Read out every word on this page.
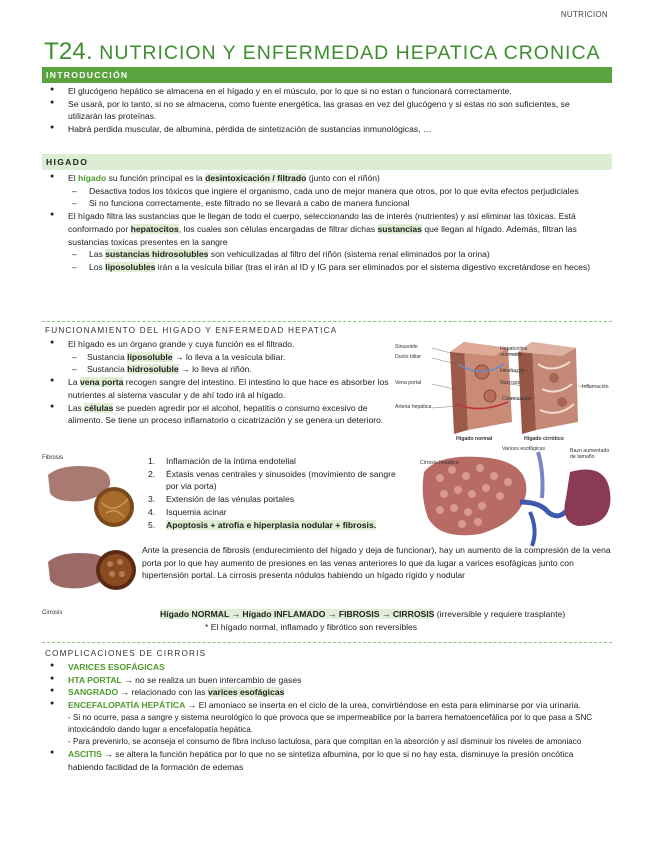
NUTRICION
T24. NUTRICION Y ENFERMEDAD HEPATICA CRONICA
INTRODUCCIÓN
● El glucógeno hepático se almacena en el hígado y en el músculo, por lo que si no estan o funcionará correctamente.
● Se usará, por lo tanto, si no se almacena, como fuente energética, las grasas en vez del glucógeno y si estas no son suficientes, se utilizarán las proteínas.
● Habrá perdida muscular, de albumina, pérdida de sintetización de sustancias inmunológicas, …
HIGADO
● El hígado su función principal es la desintoxicación / filtrado (junto con el riñón)
– Desactiva todos los tóxicos que ingiere el organismo, cada uno de mejor manera que otros, por lo que evita efectos perjudiciales
– Si no funciona correctamente, este filtrado no se llevará a cabo de manera funcional
● El hígado filtra las sustancias que le llegan de todo el cuerpo, seleccionando las de interés (nutrientes) y así eliminar las tóxicas. Está conformado por hepatocitos, los cuales son células encargadas de filtrar dichas sustancias que llegan al hígado. Además, filtran las sustancias toxicas presentes en la sangre
– Las sustancias hidrosolubles son vehiculizadas al filtro del riñón (sistema renal eliminados por la orina)
– Los liposolubles irán a la vesícula biliar (tras el irán al ID y IG para ser eliminados por el sistema digestivo excretándose en heces)
FUNCIONAMIENTO DEL HIGADO Y ENFERMEDAD HEPATICA
● El hígado es un órgano grande y cuya función es el filtrado.
– Sustancia liposoluble → lo lleva a la vesícula biliar.
– Sustancia hidrosoluble → lo lleva al riñón.
● La vena porta recogen sangre del intestino. El intestino lo que hace es absorber los nutrientes al sistema vascular y de ahí todo irá al hígado.
● Las células se pueden agredir por el alcohol, hepatitis o consumo excesivo de alimento. Se tiene un proceso inflamatorio o cicatrización y se genera un deterioro.
Sinusoide
Ducto biliar
Vena portal
Arteria hepática
Hepatocitos normales
Hinchazón
Nacrosis
Inflamación
Cicatrización
Hígado normal	Hígado cirrótico
Cirrosis hepática
Varices esofágicas	Bazo aumentado de tamaño
Fibrosis
Cirrosis
1. Inflamación de la íntima endotelial
2. Éxtasis venas centrales y sinusoides (movimiento de sangre por via porta)
3. Extensión de las vénulas portales
4. Isquemia acinar
5. Apoptosis + atrofia e hiperplasia nodular + fibrosis.
Ante la presencia de fibrosis (endurecimiento del hígado y deja de funcionar), hay un aumento de la compresión de la vena porta por lo que hay aumento de presiones en las venas anteriores lo que da lugar a varices esofágicas junto con hipertensión portal. La cirrosis presenta nódulos habiendo un hígado rígido y nodular
Hígado NORMAL → Hígado INFLAMADO → FIBROSIS → CIRROSIS (irreversible y requiere trasplante)
* El hígado normal, inflamado y fibrótico son reversibles
COMPLICACIONES DE CIRRORIS
● VARICES ESOFÁGICAS
● HTA PORTAL → no se realiza un buen intercambio de gases
● SANGRADO → relacionado con las varices esofágicas
● ENCEFALOPATÍA HEPÁTICA → El amoniaco se inserta en el ciclo de la urea, convirtiéndose en esta para eliminarse por vía urinaria.
- Si no ocurre, pasa a sangre y sistema neurológico lo que provoca que se impermeabilice por la barrera hematoencefálica por lo que pasa a SNC intoxicándolo dando lugar a encefalopatía hepática.
- Para prevenirlo, se aconseja el consumo de fibra incluso lactulosa, para que compitan en la absorción y así disminuir los niveles de amoniaco
● ASCITIS → se altera la función hepática por lo que no se sintetiza albumina, por lo que si no hay esta, disminuye la presión oncótica habiendo facilidad de la formación de edemas
